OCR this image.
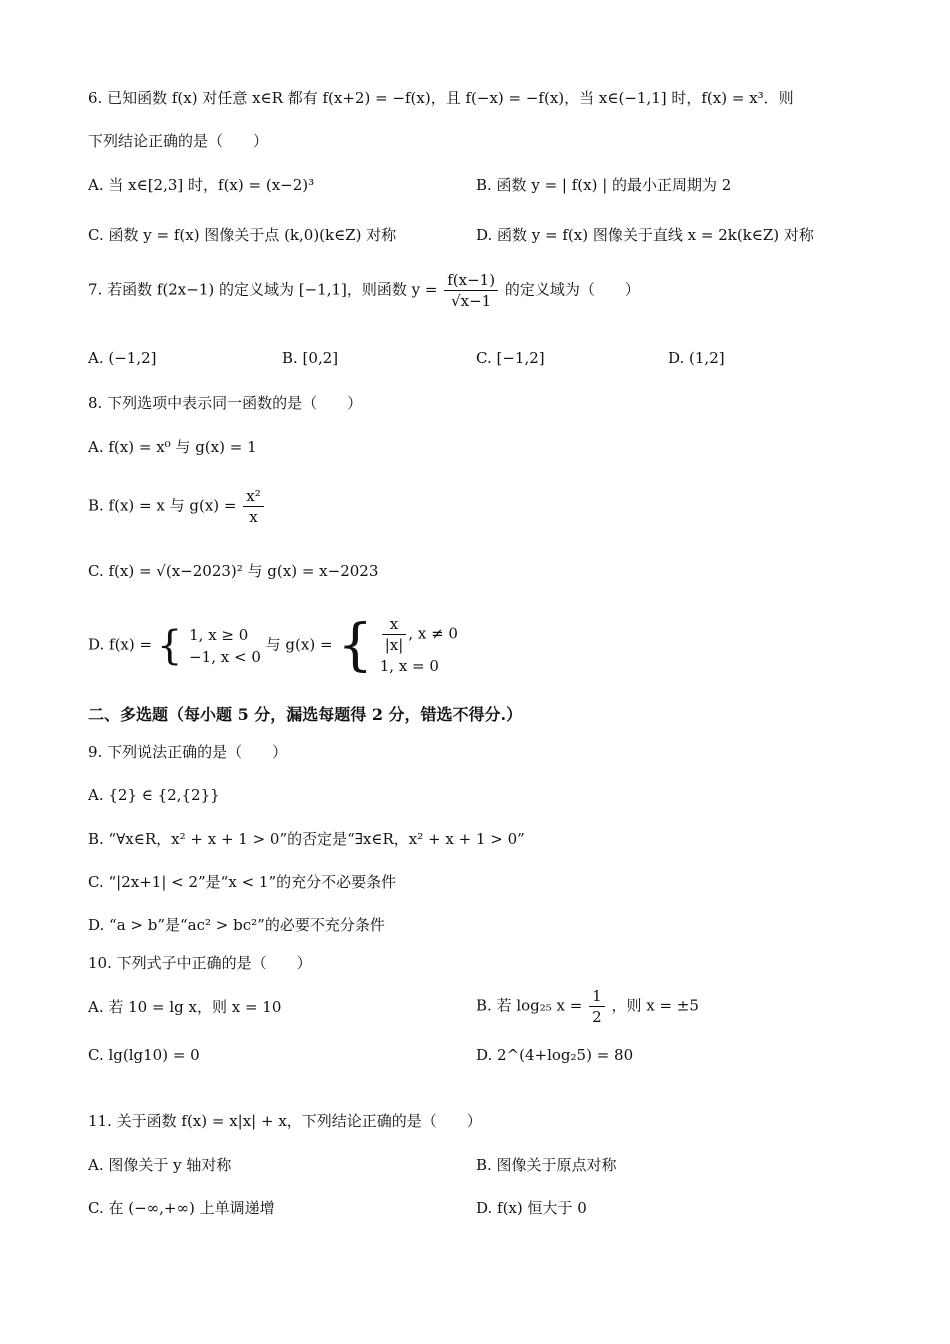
6. 已知函数 f(x) 对任意 x∈R 都有 f(x+2) = −f(x)，且 f(−x) = −f(x)，当 x∈(−1,1] 时，f(x) = x³．则
下列结论正确的是（　　）
A. 当 x∈[2,3] 时，f(x) = (x−2)³	B. 函数 y = | f(x) | 的最小正周期为 2
C. 函数 y = f(x) 图像关于点 (k,0)(k∈Z) 对称	D. 函数 y = f(x) 图像关于直线 x = 2k(k∈Z) 对称
7. 若函数 f(2x−1) 的定义域为 [−1,1]，则函数 $y = \frac{f(x-1)}{√x-1}$ 的定义域为（　　）
A. (−1,2]	B. [0,2]	C. [−1,2]	D. (1,2]
8. 下列选项中表示同一函数的是（　　）
A. f(x) = x⁰ 与 g(x) = 1
B. f(x) = x 与 $g(x) = \frac{\text{x²}}{x}$
C. f(x) = √(x−2023)² 与 g(x) = x−2023
D. f(x) = { 1, x ≥ 0
−1, x < 0
与 g(x) = { $\frac{x}{|x|}$ , x ≠ 0
1, x = 0
二、多选题（每小题 5 分，漏选每题得 2 分，错选不得分.）
9. 下列说法正确的是（　　）
A. {2} ∈ {2,{2}}
B. “∀x∈R，x² + x + 1 > 0”的否定是“∃x∈R，x² + x + 1 > 0”
C. “|2x+1| < 2”是“x < 1”的充分不必要条件
D. “a > b”是“ac² > bc²”的必要不充分条件
10. 下列式子中正确的是（　　）
A. 若 10 = lg x，则 x = 10	B. 若 log₂₅ $x = \frac{1}{2}$ ，则 x = ±5
C. lg(lg10) = 0	D. 2^(4+log₂5) = 80
11. 关于函数 f(x) = x|x| + x，下列结论正确的是（　　）
A. 图像关于 y 轴对称	B. 图像关于原点对称
C. 在 (−∞,+∞) 上单调递增	D. f(x) 恒大于 0
